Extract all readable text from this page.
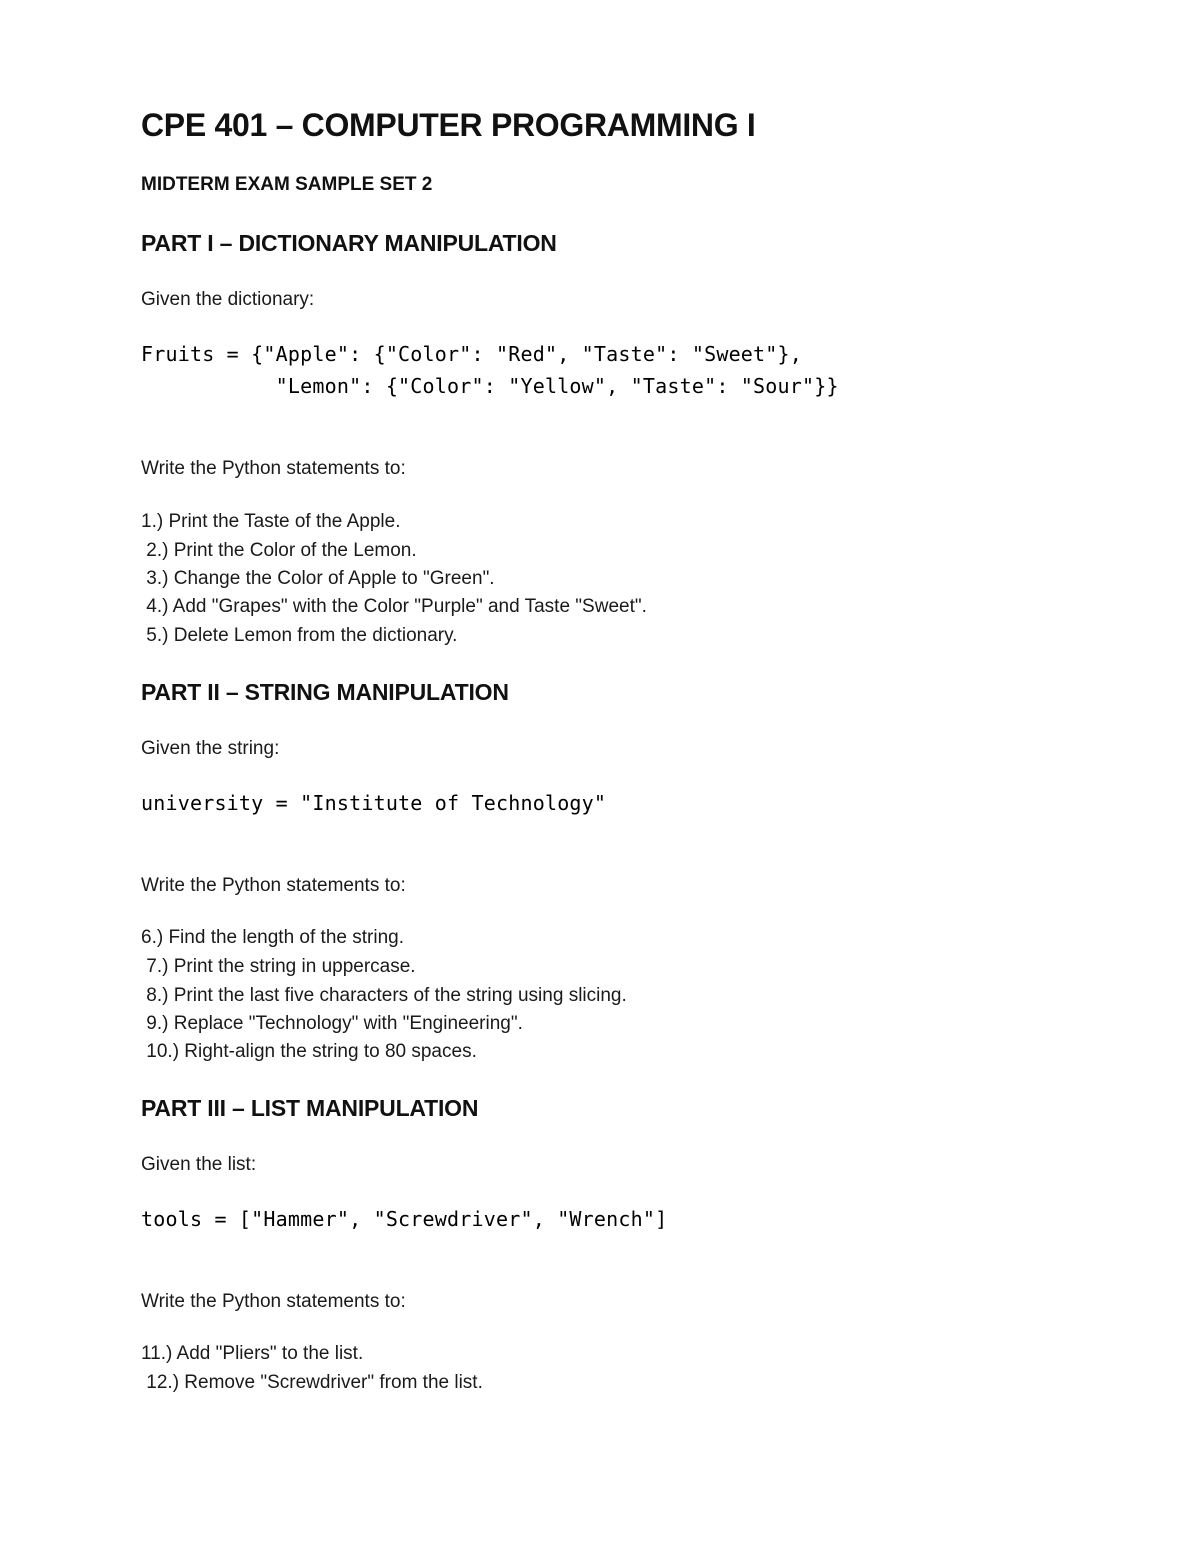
CPE 401 – COMPUTER PROGRAMMING I
MIDTERM EXAM SAMPLE SET 2
PART I – DICTIONARY MANIPULATION
Given the dictionary:
Fruits = {"Apple": {"Color": "Red", "Taste": "Sweet"},
"Lemon": {"Color": "Yellow", "Taste": "Sour"}}
Write the Python statements to:
1.) Print the Taste of the Apple.
2.) Print the Color of the Lemon.
3.) Change the Color of Apple to "Green".
4.) Add "Grapes" with the Color "Purple" and Taste "Sweet".
5.) Delete Lemon from the dictionary.
PART II – STRING MANIPULATION
Given the string:
university = "Institute of Technology"
Write the Python statements to:
6.) Find the length of the string.
7.) Print the string in uppercase.
8.) Print the last five characters of the string using slicing.
9.) Replace "Technology" with "Engineering".
10.) Right-align the string to 80 spaces.
PART III – LIST MANIPULATION
Given the list:
tools = ["Hammer", "Screwdriver", "Wrench"]
Write the Python statements to:
11.) Add "Pliers" to the list.
12.) Remove "Screwdriver" from the list.
